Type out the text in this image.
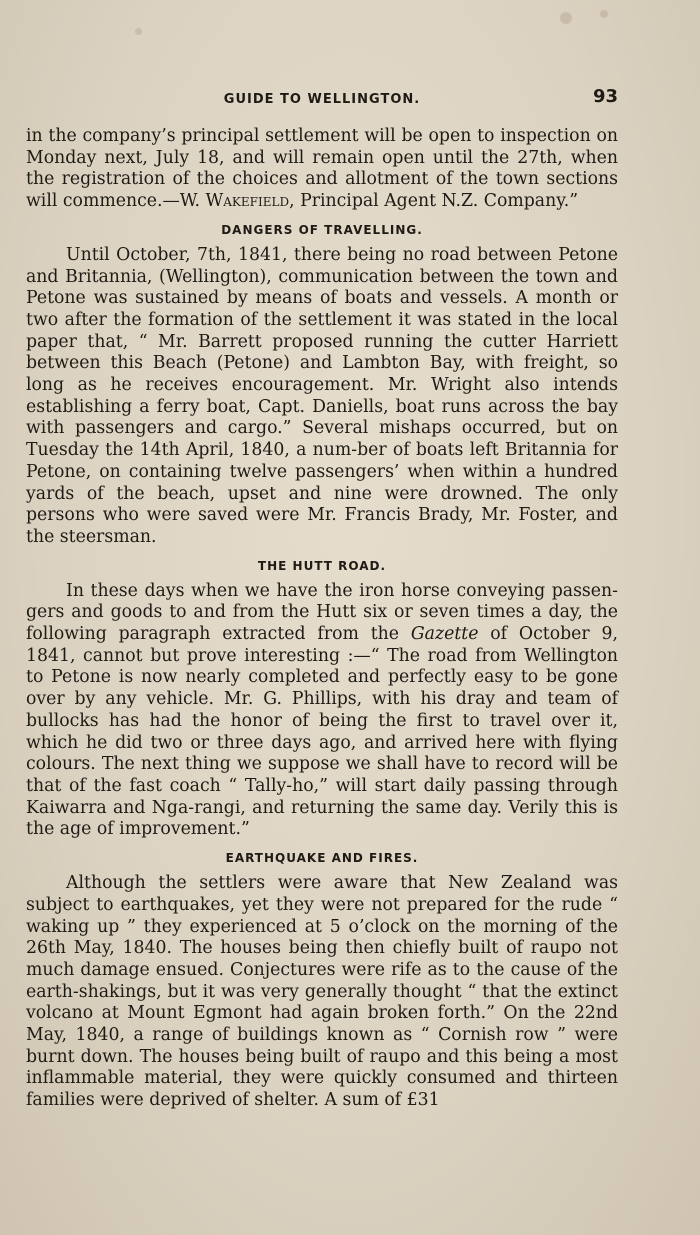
GUIDE TO WELLINGTON.	93

in the company’s principal settlement will be open to inspection on Monday next, July 18, and will remain open until the 27th, when the registration of the choices and allotment of the town sections will commence.—W. Wakefield, Principal Agent N.Z. Company.”

DANGERS OF TRAVELLING.

Until October, 7th, 1841, there being no road between Petone and Britannia, (Wellington), communication between the town and Petone was sustained by means of boats and vessels. A month or two after the formation of the settlement it was stated in the local paper that, “ Mr. Barrett proposed running the cutter Harriett between this Beach (Petone) and Lambton Bay, with freight, so long as he receives encouragement. Mr. Wright also intends establishing a ferry boat, Capt. Daniells, boat runs across the bay with passengers and cargo.” Several mishaps occurred, but on Tuesday the 14th April, 1840, a num-ber of boats left Britannia for Petone, on containing twelve passengers’ when within a hundred yards of the beach, upset and nine were drowned. The only persons who were saved were Mr. Francis Brady, Mr. Foster, and the steersman.

THE HUTT ROAD.

In these days when we have the iron horse conveying passen-gers and goods to and from the Hutt six or seven times a day, the following paragraph extracted from the Gazette of October 9, 1841, cannot but prove interesting :—“ The road from Wellington to Petone is now nearly completed and perfectly easy to be gone over by any vehicle. Mr. G. Phillips, with his dray and team of bullocks has had the honor of being the first to travel over it, which he did two or three days ago, and arrived here with flying colours. The next thing we suppose we shall have to record will be that of the fast coach “ Tally-ho,” will start daily passing through Kaiwarra and Nga-rangi, and returning the same day. Verily this is the age of improvement.”

EARTHQUAKE AND FIRES.

Although the settlers were aware that New Zealand was subject to earthquakes, yet they were not prepared for the rude “ waking up ” they experienced at 5 o’clock on the morning of the 26th May, 1840. The houses being then chiefly built of raupo not much damage ensued. Conjectures were rife as to the cause of the earth-shakings, but it was very generally thought “ that the extinct volcano at Mount Egmont had again broken forth.” On the 22nd May, 1840, a range of buildings known as “ Cornish row ” were burnt down. The houses being built of raupo and this being a most inflammable material, they were quickly consumed and thirteen families were deprived of shelter. A sum of £31
